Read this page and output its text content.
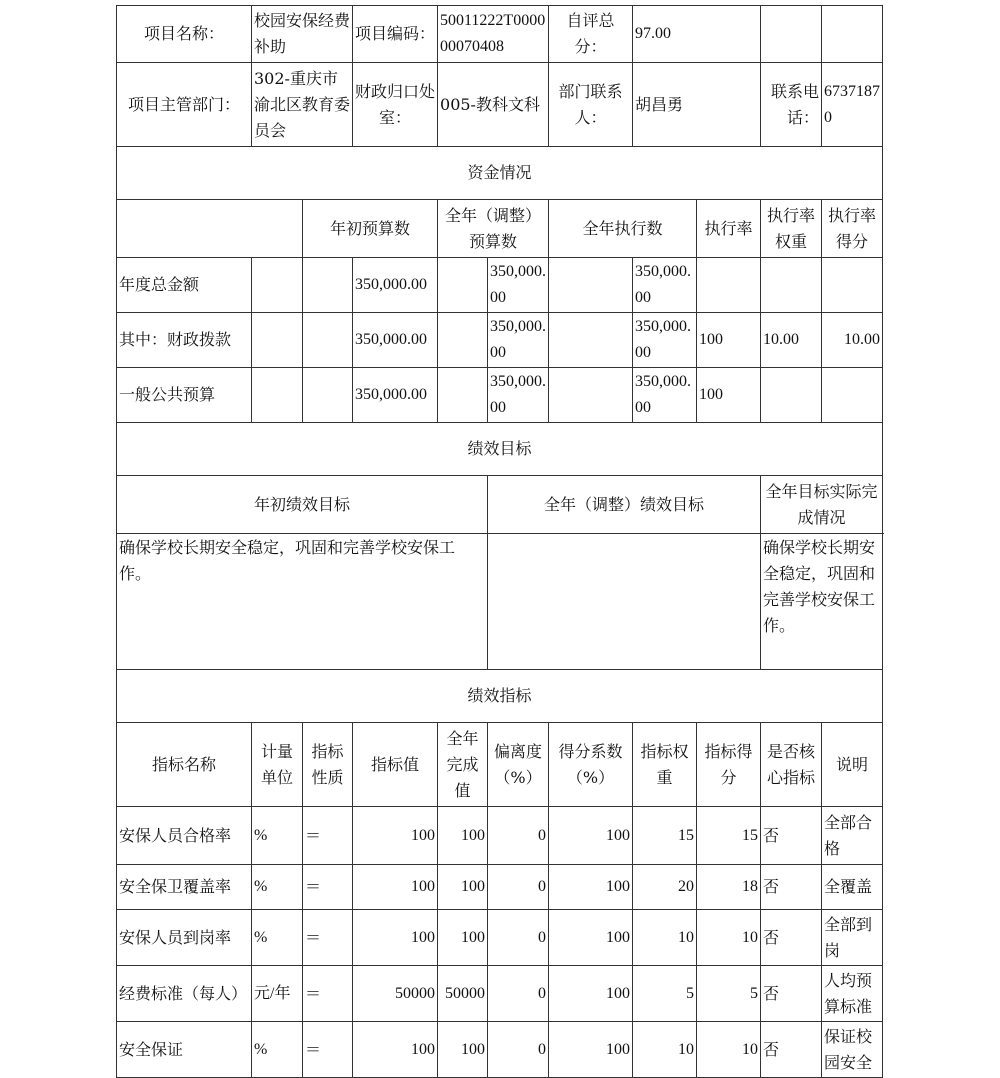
项目名称：	校园安保经费补助		项目编码：	50011222T000000070408		自评总分：	97.00			
项目主管部门：	302-重庆市渝北区教育委员会		财政归口处室：	005-教科文科		部门联系人：	胡昌勇		联系电话：	67371870
资金情况										
		年初预算数		全年（调整）预算数		全年执行数		执行率	执行率权重	执行率得分
年度总金额			350,000.00		350,000.00		350,000.00			
其中：财政拨款			350,000.00		350,000.00		350,000.00	100	10.00	10.00
一般公共预算			350,000.00		350,000.00		350,000.00	100		
绩效目标										
年初绩效目标					全年（调整）绩效目标				全年目标实际完成情况	
确保学校长期安全稳定，巩固和完善学校安保工作。									确保学校长期安全稳定，巩固和完善学校安保工作。	
绩效指标										
指标名称	计量单位	指标性质	指标值	全年完成值	偏离度（%）	得分系数（%）	指标权重	指标得分	是否核心指标	说明
安保人员合格率	%	＝	100	100	0	100	15	15	否	全部合格
安全保卫覆盖率	%	＝	100	100	0	100	20	18	否	全覆盖
安保人员到岗率	%	＝	100	100	0	100	10	10	否	全部到岗
经费标准（每人）	元/年	＝	50000	50000	0	100	5	5	否	人均预算标准
安全保证	%	＝	100	100	0	100	10	10	否	保证校园安全
